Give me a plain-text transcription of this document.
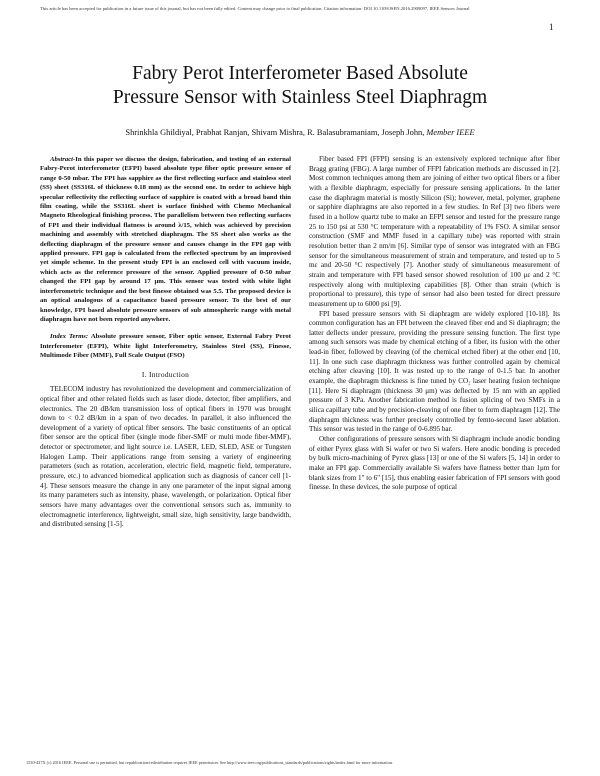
This article has been accepted for publication in a future issue of this journal, but has not been fully edited. Content may change prior to final publication. Citation information: DOI 10.1109/JSEN.2016.2909097, IEEE Sensors Journal
1
Fabry Perot Interferometer Based Absolute
Pressure Sensor with Stainless Steel Diaphragm
Shrinkhla Ghildiyal, Prabhat Ranjan, Shivam Mishra, R. Balasubramaniam, Joseph John, Member IEEE

Abstract-In this paper we discuss the design, fabrication, and testing of an external Fabry-Perot interferometer (EFPI) based absolute type fiber optic pressure sensor of range 0-50 mbar. The FPI has sapphire as the first reflecting surface and stainless steel (SS) sheet (SS316L of thickness 0.18 mm) as the second one. In order to achieve high specular reflectivity the reflecting surface of sapphire is coated with a broad band thin film coating, while the SS316L sheet is surface finished with Chemo Mechanical Magneto Rheological finishing process. The parallelism between two reflecting surfaces of FPI and their individual flatness is around λ/15, which was achieved by precision machining and assembly with stretched diaphragm. The SS sheet also works as the deflecting diaphragm of the pressure sensor and causes change in the FPI gap with applied pressure. FPI gap is calculated from the reflected spectrum by an improvised yet simple scheme. In the present study FPI is an enclosed cell with vacuum inside, which acts as the reference pressure of the sensor. Applied pressure of 0-50 mbar changed the FPI gap by around 17 μm. This sensor was tested with white light interferometric technique and the best finesse obtained was 5.5. The proposed device is an optical analogous of a capacitance based pressure sensor. To the best of our knowledge, FPI based absolute pressure sensors of sub atmospheric range with metal diaphragm have not been reported anywhere.

Index Terms: Absolute pressure sensor, Fiber optic sensor, External Fabry Perot Interferometer (EFPI), White light Interferometry, Stainless Steel (SS), Finesse, Multimode Fiber (MMF), Full Scale Output (FSO)

I. Introduction

TELECOM industry has revolutionized the development and commercialization of optical fiber and other related fields such as laser diode, detector, fiber amplifiers, and electronics. The 20 dB/km transmission loss of optical fibers in 1970 was brought down to < 0.2 dB/km in a span of two decades. In parallel, it also influenced the development of a variety of optical fiber sensors. The basic constituents of an optical fiber sensor are the optical fiber (single mode fiber-SMF or multi mode fiber-MMF), detector or spectrometer, and light source i.e. LASER, LED, SLED, ASE or Tungsten Halogen Lamp. Their applications range from sensing a variety of engineering parameters (such as rotation, acceleration, electric field, magnetic field, temperature, pressure, etc.) to advanced biomedical application such as diagnosis of cancer cell [1-4]. These sensors measure the change in any one parameter of the input signal among its many parameters such as intensity, phase, wavelength, or polarization. Optical fiber sensors have many advantages over the conventional sensors such as, immunity to electromagnetic interference, lightweight, small size, high sensitivity, large bandwidth, and distributed sensing [1-5].

Fiber based FPI (FFPI) sensing is an extensively explored technique after fiber Bragg grating (FBG). A large number of FFPI fabrication methods are discussed in [2]. Most common techniques among them are joining of either two optical fibers or a fiber with a flexible diaphragm, especially for pressure sensing applications. In the latter case the diaphragm material is mostly Silicon (Si); however, metal, polymer, graphene or sapphire diaphragms are also reported in a few studies. In Ref [3] two fibers were fused in a hollow quartz tube to make an EFPI sensor and tested for the pressure range 25 to 150 psi at 530 °C temperature with a repeatability of 1% FSO. A similar sensor construction (SMF and MMF fused in a capillary tube) was reported with strain resolution better than 2 nm/m [6]. Similar type of sensor was integrated with an FBG sensor for the simultaneous measurement of strain and temperature, and tested up to 5 mε and 20-50 °C respectively [7]. Another study of simultaneous measurement of strain and temperature with FPI based sensor showed resolution of 100 με and 2 °C respectively along with multiplexing capabilities [8]. Other than strain (which is proportional to pressure), this type of sensor had also been tested for direct pressure measurement up to 6000 psi [9].

FPI based pressure sensors with Si diaphragm are widely explored [10-18]. Its common configuration has an FPI between the cleaved fiber end and Si diaphragm; the latter deflects under pressure, providing the pressure sensing function. The first type among such sensors was made by chemical etching of a fiber, its fusion with the other lead-in fiber, followed by cleaving (of the chemical etched fiber) at the other end [10, 11]. In one such case diaphragm thickness was further controlled again by chemical etching after cleaving [10]. It was tested up to the range of 0-1.5 bar. In another example, the diaphragm thickness is fine tuned by CO₂ laser heating fusion technique [11]. Here Si diaphragm (thickness 30 μm) was deflected by 15 nm with an applied pressure of 3 KPa. Another fabrication method is fusion splicing of two SMFs in a silica capillary tube and by precision-cleaving of one fiber to form diaphragm [12]. The diaphragm thickness was further precisely controlled by femto-second laser ablation. This sensor was tested in the range of 0-6.895 bar.

Other configurations of pressure sensors with Si diaphragm include anodic bonding of either Pyrex glass with Si wafer or two Si wafers. Here anodic bonding is preceded by bulk micro-machining of Pyrex glass [13] or one of the Si wafers [5, 14] in order to make an FPI gap. Commercially available Si wafers have flatness better than 1μm for blank sizes from 1" to 6" [15], thus enabling easier fabrication of FPI sensors with good finesse. In these devices, the sole purpose of optical

1530-437X (c) 2016 IEEE. Personal use is permitted, but republication/redistribution requires IEEE permission. See http://www.ieee.org/publications_standards/publications/rights/index.html for more information.
